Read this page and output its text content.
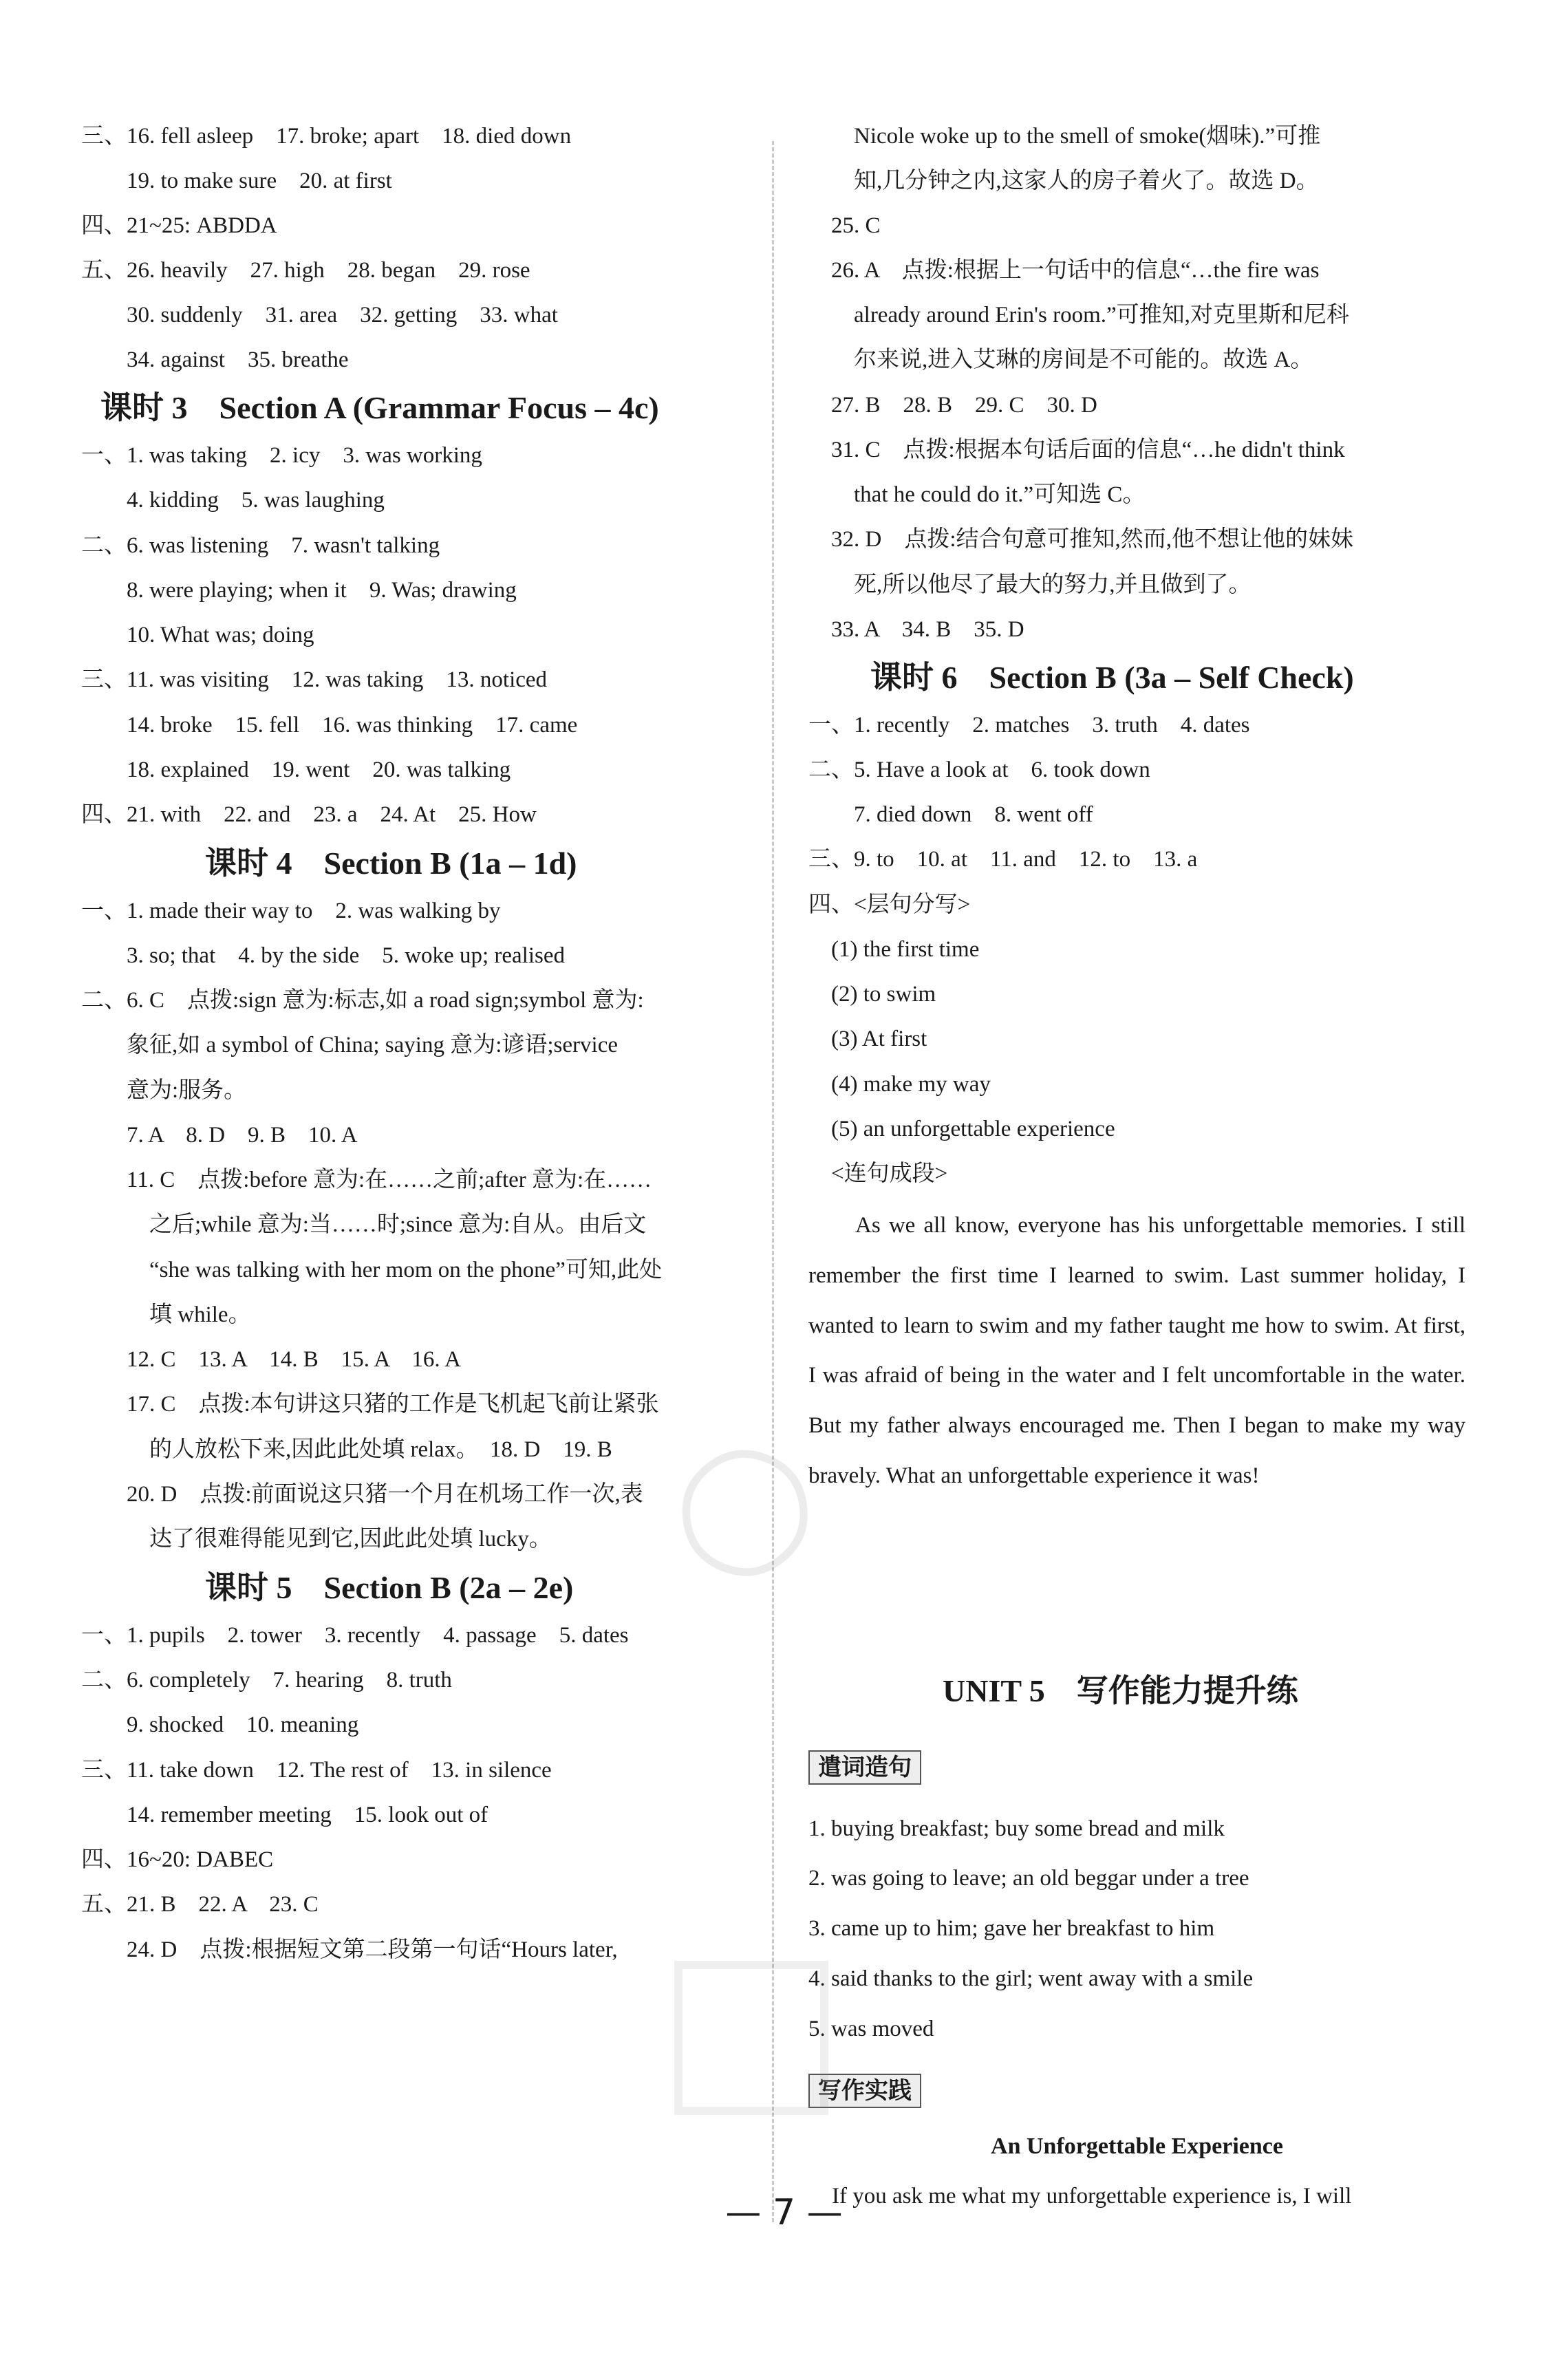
三、16. fell asleep　17. broke; apart　18. died down
　　19. to make sure　20. at first
四、21~25: ABDDA
五、26. heavily　27. high　28. began　29. rose
　　30. suddenly　31. area　32. getting　33. what
　　34. against　35. breathe
课时 3　Section A (Grammar Focus – 4c)
一、1. was taking　2. icy　3. was working
　　4. kidding　5. was laughing
二、6. was listening　7. wasn't talking
　　8. were playing; when it　9. Was; drawing
　　10. What was; doing
三、11. was visiting　12. was taking　13. noticed
　　14. broke　15. fell　16. was thinking　17. came
　　18. explained　19. went　20. was talking
四、21. with　22. and　23. a　24. At　25. How
课时 4　Section B (1a – 1d)
一、1. made their way to　2. was walking by
　　3. so; that　4. by the side　5. woke up; realised
二、6. C　点拨:sign 意为:标志,如 a road sign;symbol 意为:
　　象征,如 a symbol of China; saying 意为:谚语;service
　　意为:服务。
　　7. A　8. D　9. B　10. A
　　11. C　点拨:before 意为:在……之前;after 意为:在……
　　　之后;while 意为:当……时;since 意为:自从。由后文
　　　“she was talking with her mom on the phone”可知,此处
　　　填 while。
　　12. C　13. A　14. B　15. A　16. A
　　17. C　点拨:本句讲这只猪的工作是飞机起飞前让紧张
　　　的人放松下来,因此此处填 relax。　18. D　19. B
　　20. D　点拨:前面说这只猪一个月在机场工作一次,表
　　　达了很难得能见到它,因此此处填 lucky。
课时 5　Section B (2a – 2e)
一、1. pupils　2. tower　3. recently　4. passage　5. dates
二、6. completely　7. hearing　8. truth
　　9. shocked　10. meaning
三、11. take down　12. The rest of　13. in silence
　　14. remember meeting　15. look out of
四、16~20: DABEC
五、21. B　22. A　23. C
　　24. D　点拨:根据短文第二段第一句话“Hours later,
　　Nicole woke up to the smell of smoke(烟味).”可推
　　知,几分钟之内,这家人的房子着火了。故选 D。
　25. C
　26. A　点拨:根据上一句话中的信息“…the fire was
　　already around Erin's room.”可推知,对克里斯和尼科
　　尔来说,进入艾琳的房间是不可能的。故选 A。
　27. B　28. B　29. C　30. D
　31. C　点拨:根据本句话后面的信息“…he didn't think
　　that he could do it.”可知选 C。
　32. D　点拨:结合句意可推知,然而,他不想让他的妹妹
　　死,所以他尽了最大的努力,并且做到了。
　33. A　34. B　35. D
课时 6　Section B (3a – Self Check)
一、1. recently　2. matches　3. truth　4. dates
二、5. Have a look at　6. took down
　　7. died down　8. went off
三、9. to　10. at　11. and　12. to　13. a
四、<层句分写>
　(1) the first time
　(2) to swim
　(3) At first
　(4) make my way
　(5) an unforgettable experience
　<连句成段>
As we all know, everyone has his unforgettable memories. I still remember the first time I learned to swim. Last summer holiday, I wanted to learn to swim and my father taught me how to swim. At first, I was afraid of being in the water and I felt uncomfortable in the water. But my father always encouraged me. Then I began to make my way bravely. What an unforgettable experience it was!
UNIT 5　写作能力提升练
遣词造句
1. buying breakfast; buy some bread and milk
2. was going to leave; an old beggar under a tree
3. came up to him; gave her breakfast to him
4. said thanks to the girl; went away with a smile
5. was moved
写作实践
An Unforgettable Experience
If you ask me what my unforgettable experience is, I will
◯
— 7 —
